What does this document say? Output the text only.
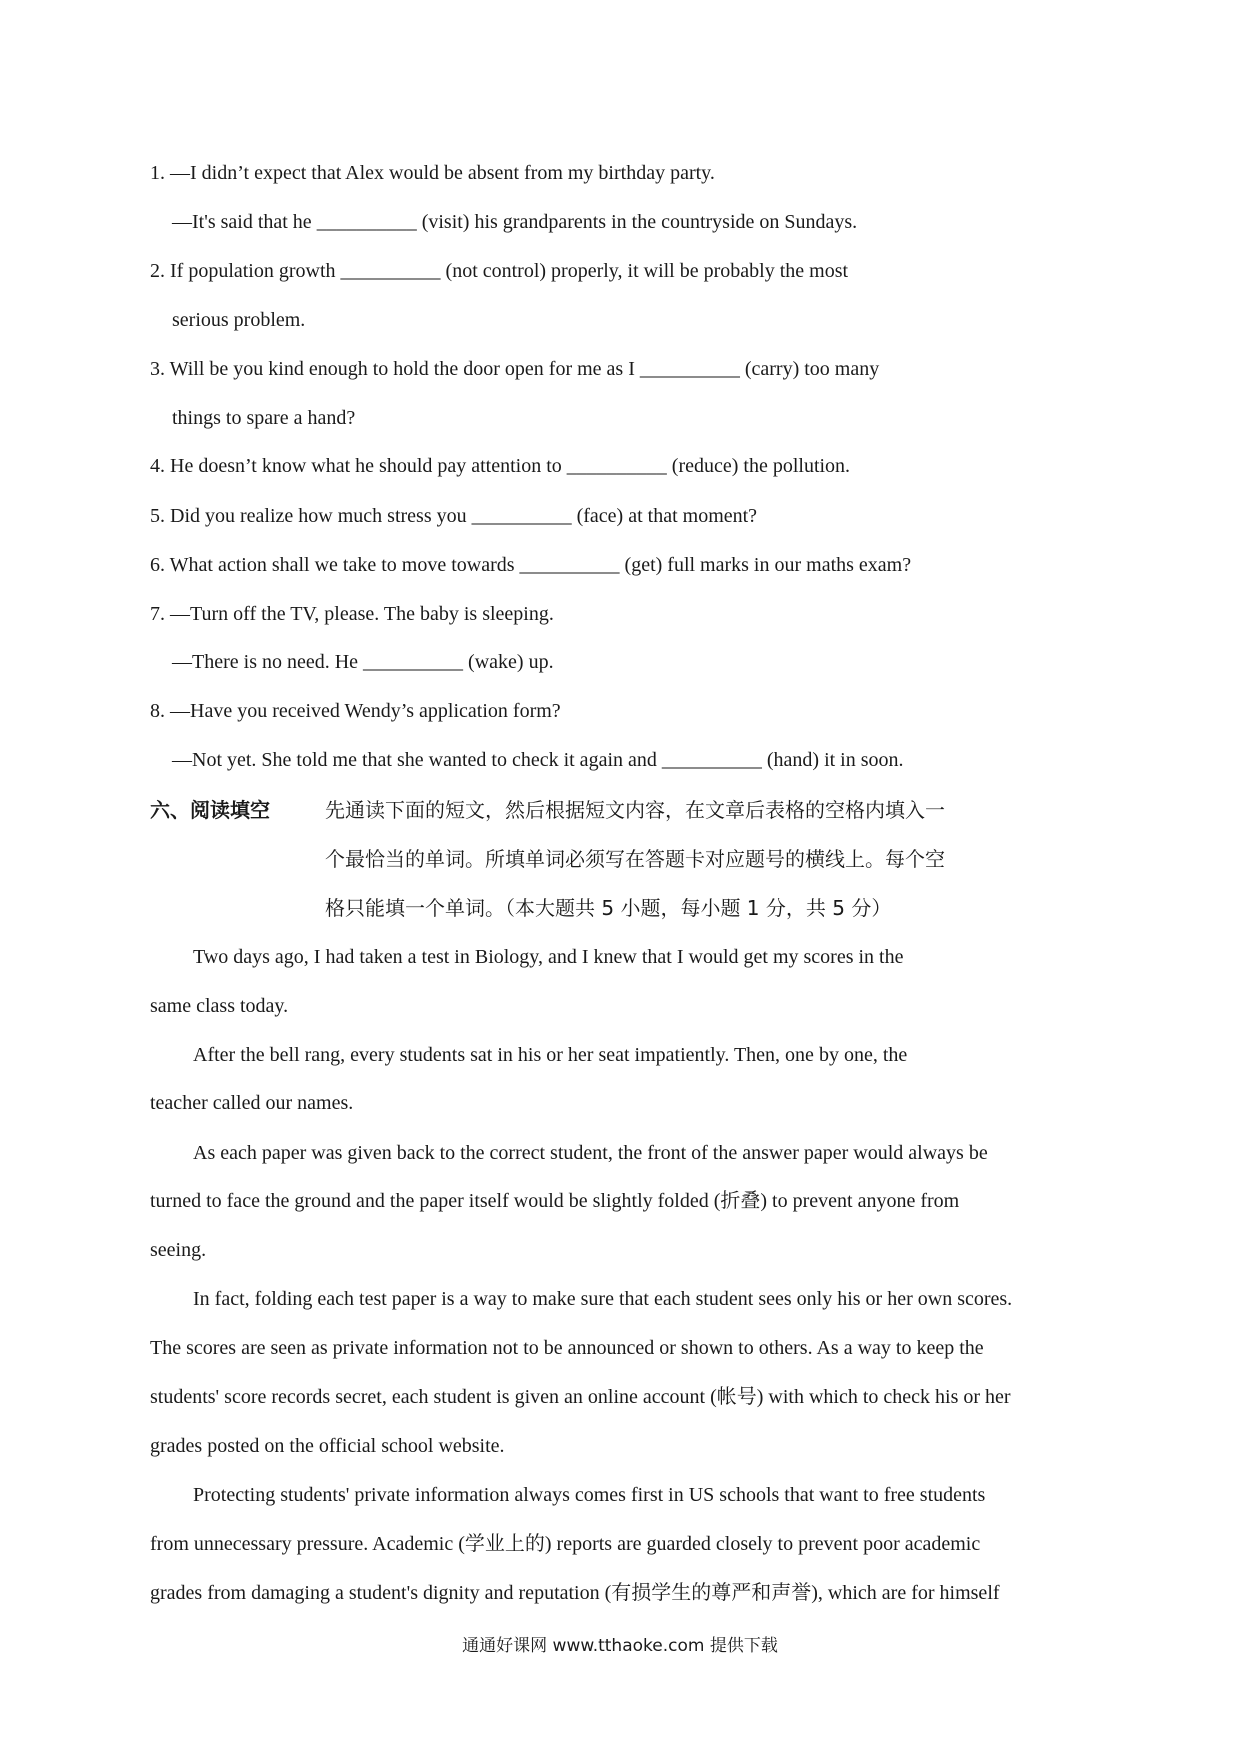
1. —I didn’t expect that Alex would be absent from my birthday party.
—It's said that he __________ (visit) his grandparents in the countryside on Sundays.
2. If population growth __________ (not control) properly, it will be probably the most
serious problem.
3. Will be you kind enough to hold the door open for me as I __________ (carry) too many
things to spare a hand?
4. He doesn’t know what he should pay attention to __________ (reduce) the pollution.
5. Did you realize how much stress you __________ (face) at that moment?
6. What action shall we take to move towards __________ (get) full marks in our maths exam?
7. —Turn off the TV, please. The baby is sleeping.
—There is no need. He __________ (wake) up.
8. —Have you received Wendy’s application form?
—Not yet. She told me that she wanted to check it again and __________ (hand) it in soon.
六、阅读填空	先通读下面的短文，然后根据短文内容，在文章后表格的空格内填入一
个最恰当的单词。所填单词必须写在答题卡对应题号的横线上。每个空
格只能填一个单词。（本大题共 5 小题，每小题 1 分，共 5 分）
Two days ago, I had taken a test in Biology, and I knew that I would get my scores in the
same class today.
After the bell rang, every students sat in his or her seat impatiently. Then, one by one, the
teacher called our names.
As each paper was given back to the correct student, the front of the answer paper would always be
turned to face the ground and the paper itself would be slightly folded (折叠) to prevent anyone from
seeing.
In fact, folding each test paper is a way to make sure that each student sees only his or her own scores.
The scores are seen as private information not to be announced or shown to others. As a way to keep the
students' score records secret, each student is given an online account (帐号) with which to check his or her
grades posted on the official school website.
Protecting students' private information always comes first in US schools that want to free students
from unnecessary pressure. Academic (学业上的) reports are guarded closely to prevent poor academic
grades from damaging a student's dignity and reputation (有损学生的尊严和声誉), which are for himself
通通好课网 www.tthaoke.com 提供下载
